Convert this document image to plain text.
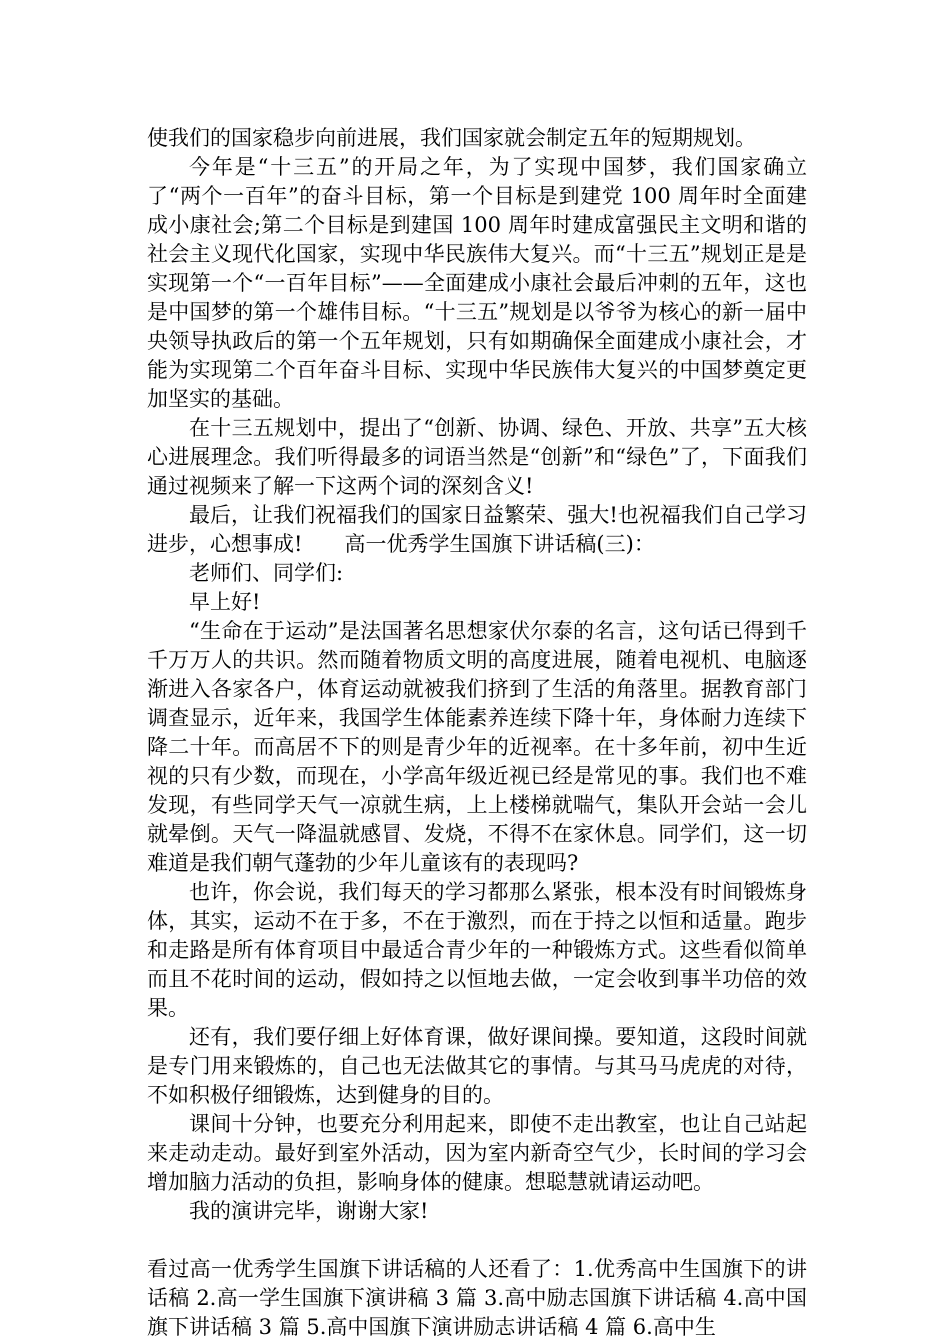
使我们的国家稳步向前进展，我们国家就会制定五年的短期规划。

今年是“十三五”的开局之年，为了实现中国梦，我们国家确立了“两个一百年”的奋斗目标，第一个目标是到建党 100 周年时全面建成小康社会;第二个目标是到建国 100 周年时建成富强民主文明和谐的社会主义现代化国家，实现中华民族伟大复兴。而“十三五”规划正是是实现第一个“一百年目标”——全面建成小康社会最后冲刺的五年，这也是中国梦的第一个雄伟目标。“十三五”规划是以爷爷为核心的新一届中央领导执政后的第一个五年规划，只有如期确保全面建成小康社会，才能为实现第二个百年奋斗目标、实现中华民族伟大复兴的中国梦奠定更加坚实的基础。

在十三五规划中，提出了“创新、协调、绿色、开放、共享”五大核心进展理念。我们听得最多的词语当然是“创新”和“绿色”了，下面我们通过视频来了解一下这两个词的深刻含义!

最后，让我们祝福我们的国家日益繁荣、强大!也祝福我们自己学习进步，心想事成!　　高一优秀学生国旗下讲话稿(三)：

老师们、同学们:

早上好!

“生命在于运动”是法国著名思想家伏尔泰的名言，这句话已得到千千万万人的共识。然而随着物质文明的高度进展，随着电视机、电脑逐渐进入各家各户，体育运动就被我们挤到了生活的角落里。据教育部门调查显示，近年来，我国学生体能素养连续下降十年，身体耐力连续下降二十年。而高居不下的则是青少年的近视率。在十多年前，初中生近视的只有少数，而现在，小学高年级近视已经是常见的事。我们也不难发现，有些同学天气一凉就生病，上上楼梯就喘气，集队开会站一会儿就晕倒。天气一降温就感冒、发烧，不得不在家休息。同学们，这一切难道是我们朝气蓬勃的少年儿童该有的表现吗?

也许，你会说，我们每天的学习都那么紧张，根本没有时间锻炼身体，其实，运动不在于多，不在于激烈，而在于持之以恒和适量。跑步和走路是所有体育项目中最适合青少年的一种锻炼方式。这些看似简单而且不花时间的运动，假如持之以恒地去做，一定会收到事半功倍的效果。

还有，我们要仔细上好体育课，做好课间操。要知道，这段时间就是专门用来锻炼的，自己也无法做其它的事情。与其马马虎虎的对待，不如积极仔细锻炼，达到健身的目的。

课间十分钟，也要充分利用起来，即使不走出教室，也让自己站起来走动走动。最好到室外活动，因为室内新奇空气少，长时间的学习会增加脑力活动的负担，影响身体的健康。想聪慧就请运动吧。

我的演讲完毕，谢谢大家!

看过高一优秀学生国旗下讲话稿的人还看了：1.优秀高中生国旗下的讲话稿 2.高一学生国旗下演讲稿 3 篇 3.高中励志国旗下讲话稿 4.高中国旗下讲话稿 3 篇 5.高中国旗下演讲励志讲话稿 4 篇 6.高中生
